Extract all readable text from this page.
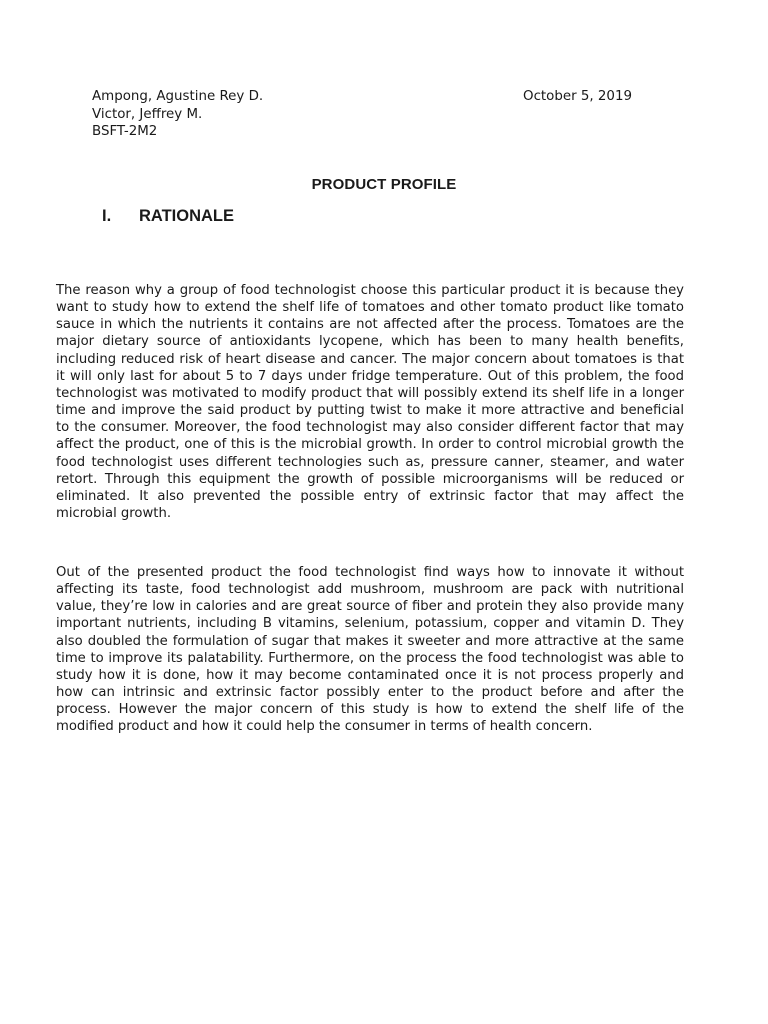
Ampong, Agustine Rey D.
Victor, Jeffrey M.
BSFT-2M2
October 5, 2019
PRODUCT PROFILE
I. RATIONALE

The reason why a group of food technologist choose this particular product it is because they want to study how to extend the shelf life of tomatoes and other tomato product like tomato sauce in which the nutrients it contains are not affected after the process. Tomatoes are the major dietary source of antioxidants lycopene, which has been to many health benefits, including reduced risk of heart disease and cancer. The major concern about tomatoes is that it will only last for about 5 to 7 days under fridge temperature. Out of this problem, the food technologist was motivated to modify product that will possibly extend its shelf life in a longer time and improve the said product by putting twist to make it more attractive and beneficial to the consumer. Moreover, the food technologist may also consider different factor that may affect the product, one of this is the microbial growth. In order to control microbial growth the food technologist uses different technologies such as, pressure canner, steamer, and water retort. Through this equipment the growth of possible microorganisms will be reduced or eliminated. It also prevented the possible entry of extrinsic factor that may affect the microbial growth.

Out of the presented product the food technologist find ways how to innovate it without affecting its taste, food technologist add mushroom, mushroom are pack with nutritional value, they’re low in calories and are great source of fiber and protein they also provide many important nutrients, including B vitamins, selenium, potassium, copper and vitamin D. They also doubled the formulation of sugar that makes it sweeter and more attractive at the same time to improve its palatability. Furthermore, on the process the food technologist was able to study how it is done, how it may become contaminated once it is not process properly and how can intrinsic and extrinsic factor possibly enter to the product before and after the process. However the major concern of this study is how to extend the shelf life of the modified product and how it could help the consumer in terms of health concern.
